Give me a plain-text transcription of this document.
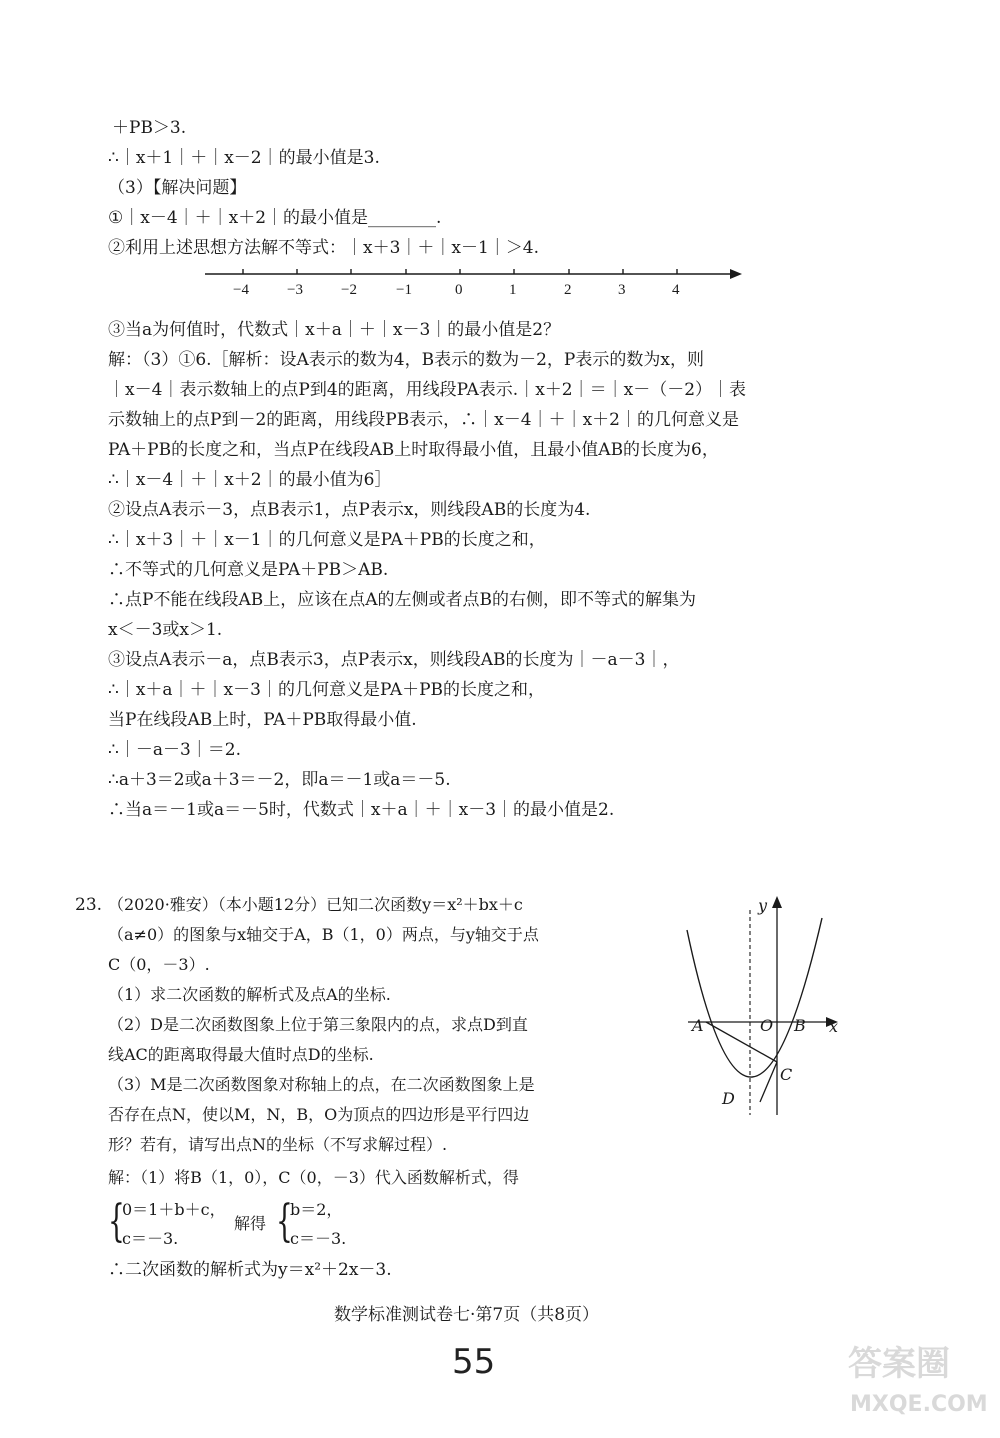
＋PB＞3.
∴｜x＋1｜＋｜x－2｜的最小值是3.
（3）【解决问题】
①｜x－4｜＋｜x＋2｜的最小值是________.
②利用上述思想方法解不等式：｜x＋3｜＋｜x－1｜＞4.
−4	−3	−2	−1	0	1	2	3	4
③当a为何值时，代数式｜x＋a｜＋｜x－3｜的最小值是2？
解：（3）①6.［解析：设A表示的数为4，B表示的数为－2，P表示的数为x，则
｜x－4｜表示数轴上的点P到4的距离，用线段PA表示.｜x＋2｜＝｜x－（－2）｜表
示数轴上的点P到－2的距离，用线段PB表示，∴｜x－4｜＋｜x＋2｜的几何意义是
PA＋PB的长度之和，当点P在线段AB上时取得最小值，且最小值AB的长度为6，
∴｜x－4｜＋｜x＋2｜的最小值为6］
②设点A表示－3，点B表示1，点P表示x，则线段AB的长度为4.
∴｜x＋3｜＋｜x－1｜的几何意义是PA＋PB的长度之和，
∴不等式的几何意义是PA＋PB＞AB.
∴点P不能在线段AB上，应该在点A的左侧或者点B的右侧，即不等式的解集为
x＜－3或x＞1.
③设点A表示－a，点B表示3，点P表示x，则线段AB的长度为｜－a－3｜，
∴｜x＋a｜＋｜x－3｜的几何意义是PA＋PB的长度之和，
当P在线段AB上时，PA＋PB取得最小值.
∴｜－a－3｜＝2.
∴a＋3＝2或a＋3＝－2，即a＝－1或a＝－5.
∴当a＝－1或a＝－5时，代数式｜x＋a｜＋｜x－3｜的最小值是2.
23. （2020·雅安）（本小题12分）已知二次函数y＝x²＋bx＋c
（a≠0）的图象与x轴交于A，B（1，0）两点，与y轴交于点
C（0，－3）.
（1）求二次函数的解析式及点A的坐标.
（2）D是二次函数图象上位于第三象限内的点，求点D到直
线AC的距离取得最大值时点D的坐标.
（3）M是二次函数图象对称轴上的点，在二次函数图象上是
否存在点N，使以M，N，B，O为顶点的四边形是平行四边
形？若有，请写出点N的坐标（不写求解过程）.
解：（1）将B（1，0），C（0，－3）代入函数解析式，得
{
0＝1＋b＋c，
c＝－3.
解得 {
b＝2，
c＝－3.
∴二次函数的解析式为y＝x²＋2x－3.
y
x
A	O B
C
D
数学标准测试卷七·第7页（共8页）
55	答案圈
MXQE.COM
